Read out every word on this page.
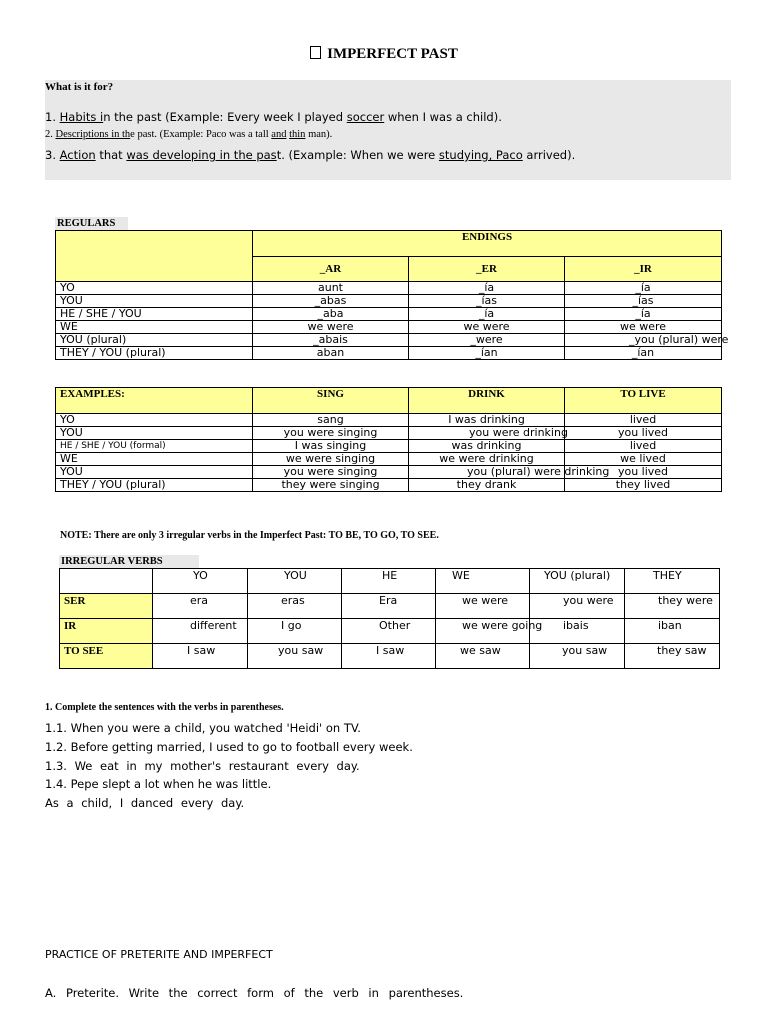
IMPERFECT PAST
What is it for?
1. Habits in the past (Example: Every week I played soccer when I was a child).
2. Descriptions in the past. (Example: Paco was a tall and thin man).
3. Action that was developing in the past. (Example: When we were studying, Paco arrived).
REGULARS
	ENDINGS		
	_AR	_ER	_IR
YO	aunt	_ía	_ía
YOU	_abas	_ías	_ías
HE / SHE / YOU	_aba	_ía	_ía
WE	we were	we were	we were
YOU (plural)	_abais	_were	_you (plural) were
THEY / YOU (plural)	aban	_ían	_ían
EXAMPLES:	SING	DRINK	TO LIVE
YO	sang	I was drinking	lived
YOU	you were singing	you were drinking	you lived
HE / SHE / YOU (formal)	I was singing	was drinking	lived
WE	we were singing	we were drinking	we lived
YOU	you were singing	you (plural) were drinking	you lived
THEY / YOU (plural)	they were singing	they drank	they lived
NOTE: There are only 3 irregular verbs in the Imperfect Past: TO BE, TO GO, TO SEE.
IRREGULAR VERBS
	YO	YOU	HE	WE	YOU (plural)	THEY
SER	era	eras	Era	we were	you were	they were
IR	different	I go	Other	we were going	ibais	iban
TO SEE	I saw	you saw	I saw	we saw	you saw	they saw
1. Complete the sentences with the verbs in parentheses.
1.1. When you were a child, you watched 'Heidi' on TV.
1.2. Before getting married, I used to go to football every week.
1.3. We eat in my mother's restaurant every day.
1.4. Pepe slept a lot when he was little.
As a child, I danced every day.
PRACTICE OF PRETERITE AND IMPERFECT
A. Preterite. Write the correct form of the verb in parentheses.
